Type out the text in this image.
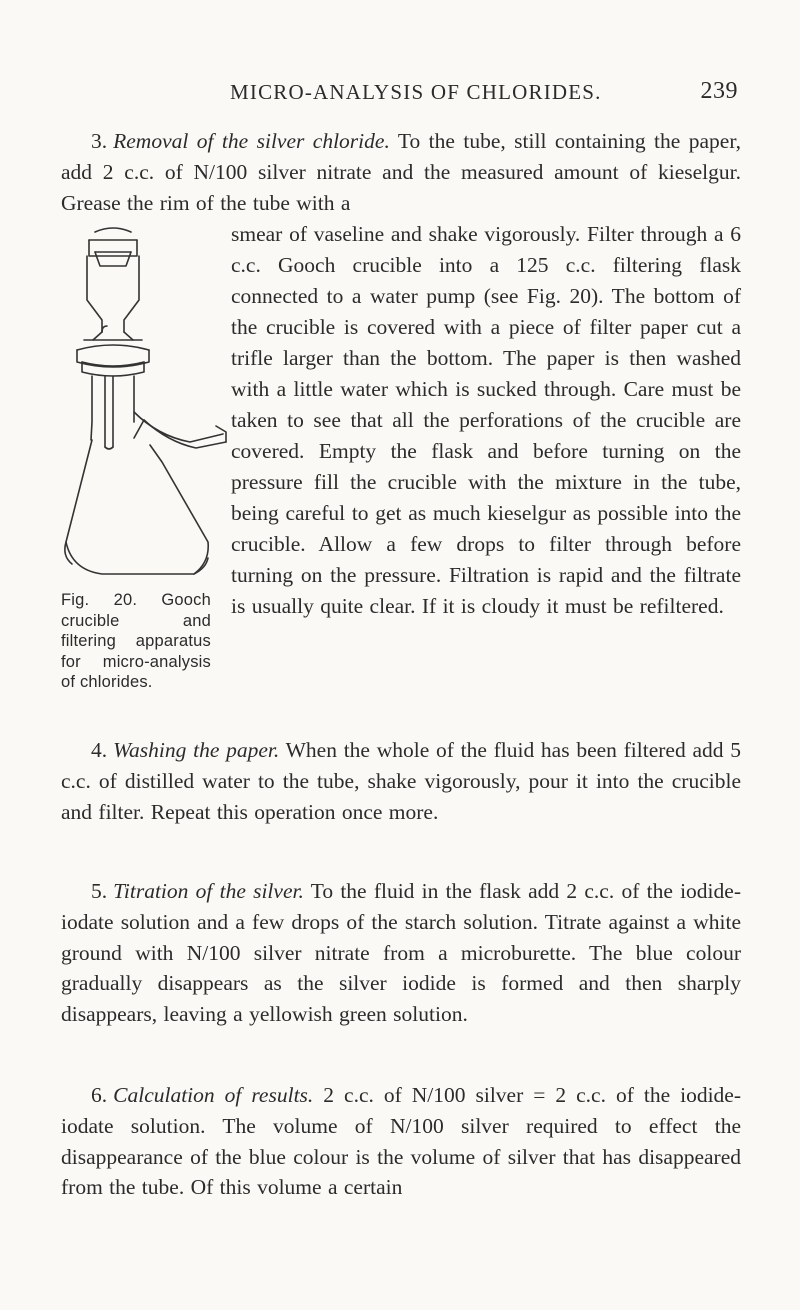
MICRO-ANALYSIS OF CHLORIDES.	239
Fig. 20. Gooch crucible and filtering apparatus for micro-analysis of chlorides.
3. Removal of the silver chloride. To the tube, still containing the paper, add 2 c.c. of N/100 silver nitrate and the measured amount of kieselgur. Grease the rim of the tube with a
smear of vaseline and shake vigorously. Filter through a 6 c.c. Gooch crucible into a 125 c.c. filtering flask connected to a water pump (see Fig. 20). The bottom of the crucible is covered with a piece of filter paper cut a trifle larger than the bottom. The paper is then washed with a little water which is sucked through. Care must be taken to see that all the perforations of the crucible are covered. Empty the flask and before turning on the pressure fill the crucible with the mixture in the tube, being careful to get as much kieselgur as possible into the crucible. Allow a few drops to filter through before turning on the pressure. Filtration is rapid and the filtrate is usually quite clear. If it is cloudy it must be refiltered.
4. Washing the paper. When the whole of the fluid has been filtered add 5 c.c. of distilled water to the tube, shake vigorously, pour it into the crucible and filter. Repeat this operation once more.
5. Titration of the silver. To the fluid in the flask add 2 c.c. of the iodide-iodate solution and a few drops of the starch solution. Titrate against a white ground with N/100 silver nitrate from a microburette. The blue colour gradually disappears as the silver iodide is formed and then sharply disappears, leaving a yellowish green solution.
6. Calculation of results. 2 c.c. of N/100 silver = 2 c.c. of the iodide-iodate solution. The volume of N/100 silver required to effect the disappearance of the blue colour is the volume of silver that has disappeared from the tube. Of this volume a certain
